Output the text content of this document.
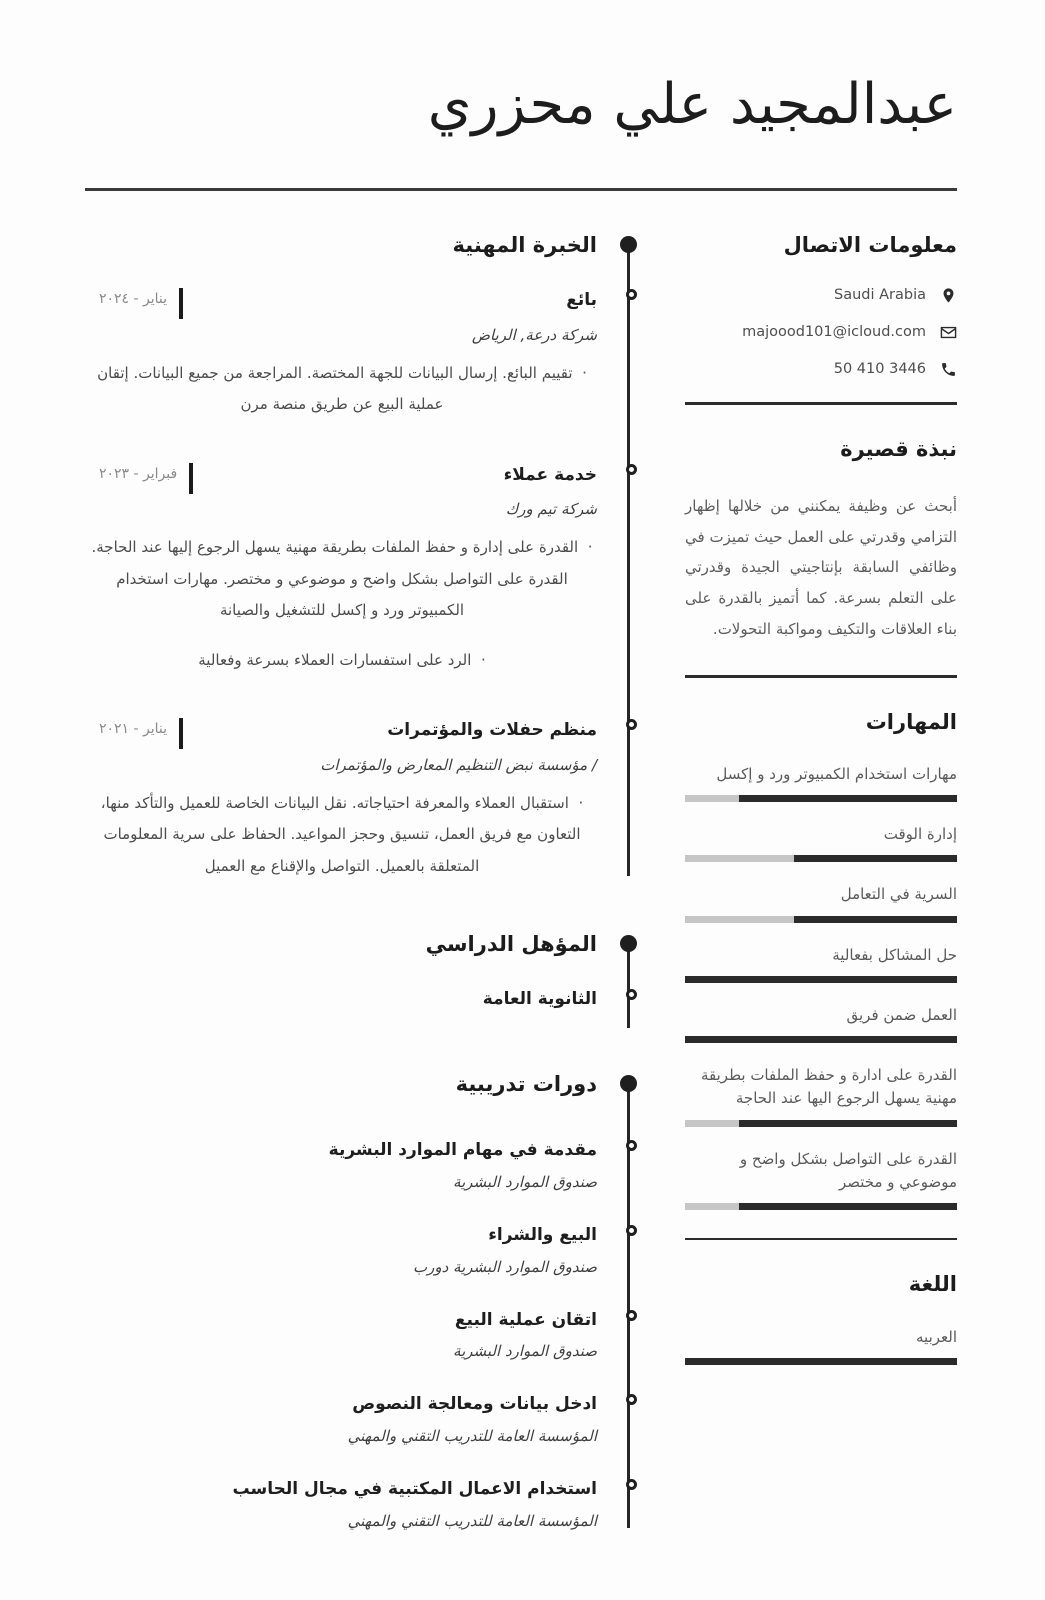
عبدالمجيد علي محزري
معلومات الاتصال
Saudi Arabia
majoood101@icloud.com
50 410 3446
نبذة قصيرة

أبحث عن وظيفة يمكنني من خلالها إظهار التزامي وقدرتي على العمل حيث تميزت في وظائفي السابقة بإنتاجيتي الجيدة وقدرتي على التعلم بسرعة. كما أتميز بالقدرة على بناء العلاقات والتكيف ومواكبة التحولات.

المهارات
مهارات استخدام الكمبيوتر ورد و إكسل
إدارة الوقت
السرية في التعامل
حل المشاكل بفعالية
العمل ضمن فريق
القدرة على ادارة و حفظ الملفات بطريقة مهنية يسهل الرجوع اليها عند الحاجة
القدرة على التواصل بشكل واضح و موضوعي و مختصر
اللغة
العربيه
الخبرة المهنية
بائع
يناير - ٢٠٢٤
شركة درعة, الرياض
·  تقييم البائع. إرسال البيانات للجهة المختصة. المراجعة من جميع البيانات. إتقان عملية البيع عن طريق منصة مرن
خدمة عملاء
فبراير - ٢٠٢٣
شركة تيم ورك
·  القدرة على إدارة و حفظ الملفات بطريقة مهنية يسهل الرجوع إليها عند الحاجة. القدرة على التواصل بشكل واضح و موضوعي و مختصر. مهارات استخدام الكمبيوتر ورد و إكسل للتشغيل والصيانة
·  الرد على استفسارات العملاء بسرعة وفعالية
منظم حفلات والمؤتمرات
يناير - ٢٠٢١
/ مؤسسة نبض التنظيم المعارض والمؤتمرات
·  استقبال العملاء والمعرفة احتياجاته. نقل البيانات الخاصة للعميل والتأكد منها، التعاون مع فريق العمل، تنسيق وحجز المواعيد. الحفاظ على سرية المعلومات المتعلقة بالعميل. التواصل والإقناع مع العميل
المؤهل الدراسي
الثانوية العامة
دورات تدريبية
مقدمة في مهام الموارد البشرية
صندوق الموارد البشرية
البيع والشراء
صندوق الموارد البشرية دورب
اتقان عملية البيع
صندوق الموارد البشرية
ادخل بيانات ومعالجة النصوص
المؤسسة العامة للتدريب التقني والمهني
استخدام الاعمال المكتبية في مجال الحاسب
المؤسسة العامة للتدريب التقني والمهني
